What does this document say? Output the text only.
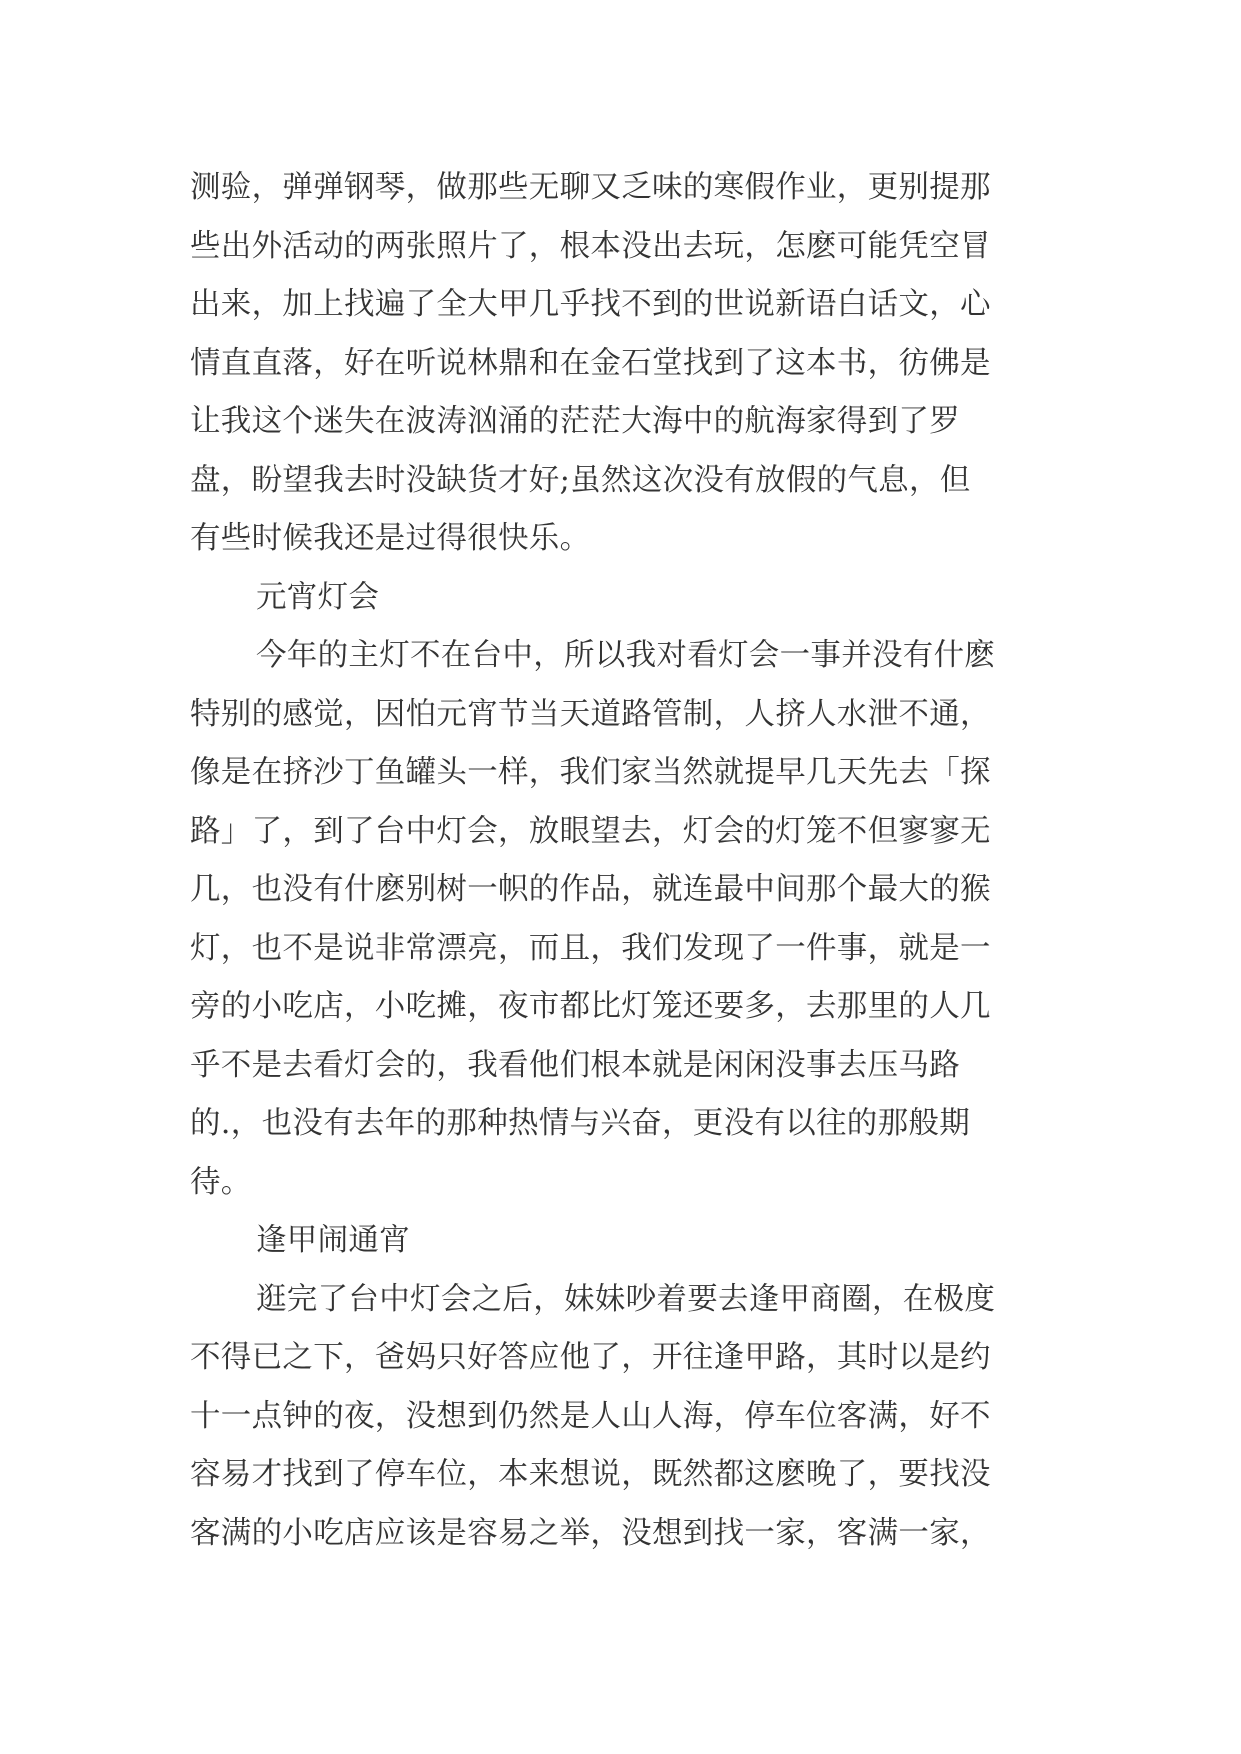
测验，弹弹钢琴，做那些无聊又乏味的寒假作业，更别提那
些出外活动的两张照片了，根本没出去玩，怎麽可能凭空冒
出来，加上找遍了全大甲几乎找不到的世说新语白话文，心
情直直落，好在听说林鼎和在金石堂找到了这本书，彷佛是
让我这个迷失在波涛汹涌的茫茫大海中的航海家得到了罗
盘，盼望我去时没缺货才好;虽然这次没有放假的气息，但
有些时候我还是过得很快乐。
元宵灯会
今年的主灯不在台中，所以我对看灯会一事并没有什麽
特别的感觉，因怕元宵节当天道路管制，人挤人水泄不通，
像是在挤沙丁鱼罐头一样，我们家当然就提早几天先去「探
路」了，到了台中灯会，放眼望去，灯会的灯笼不但寥寥无
几，也没有什麽别树一帜的作品，就连最中间那个最大的猴
灯，也不是说非常漂亮，而且，我们发现了一件事，就是一
旁的小吃店，小吃摊，夜市都比灯笼还要多，去那里的人几
乎不是去看灯会的，我看他们根本就是闲闲没事去压马路
的.，也没有去年的那种热情与兴奋，更没有以往的那般期
待。
逢甲闹通宵
逛完了台中灯会之后，妹妹吵着要去逢甲商圈，在极度
不得已之下，爸妈只好答应他了，开往逢甲路，其时以是约
十一点钟的夜，没想到仍然是人山人海，停车位客满，好不
容易才找到了停车位，本来想说，既然都这麽晚了，要找没
客满的小吃店应该是容易之举，没想到找一家，客满一家，
